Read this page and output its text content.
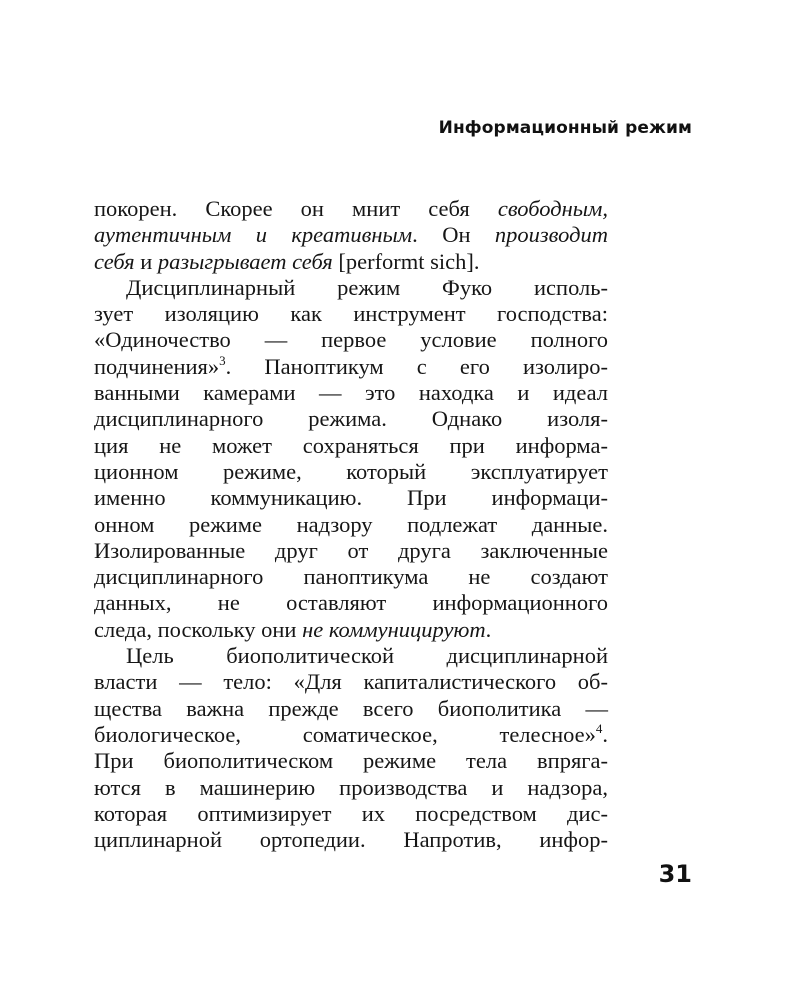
Информационный режим
покорен. Скорее он мнит себя свободным,
аутентичным и креативным. Он производит
себя и разыгрывает себя [performt sich].
Дисциплинарный режим Фуко исполь-
зует изоляцию как инструмент господства:
«Одиночество — первое условие полного
подчинения»$^3$. Паноптикум с его изолиро-
ванными камерами — это находка и идеал
дисциплинарного режима. Однако изоля-
ция не может сохраняться при информа-
ционном режиме, который эксплуатирует
именно коммуникацию. При информаци-
онном режиме надзору подлежат данные.
Изолированные друг от друга заключенные
дисциплинарного паноптикума не создают
данных, не оставляют информационного
следа, поскольку они не коммуницируют.
Цель биополитической дисциплинарной
власти — тело: «Для капиталистического об-
щества важна прежде всего биополитика —
биологическое, соматическое, телесное»$^4$.
При биополитическом режиме тела впряга-
ются в машинерию производства и надзора,
которая оптимизирует их посредством дис-
циплинарной ортопедии. Напротив, инфор-
31
